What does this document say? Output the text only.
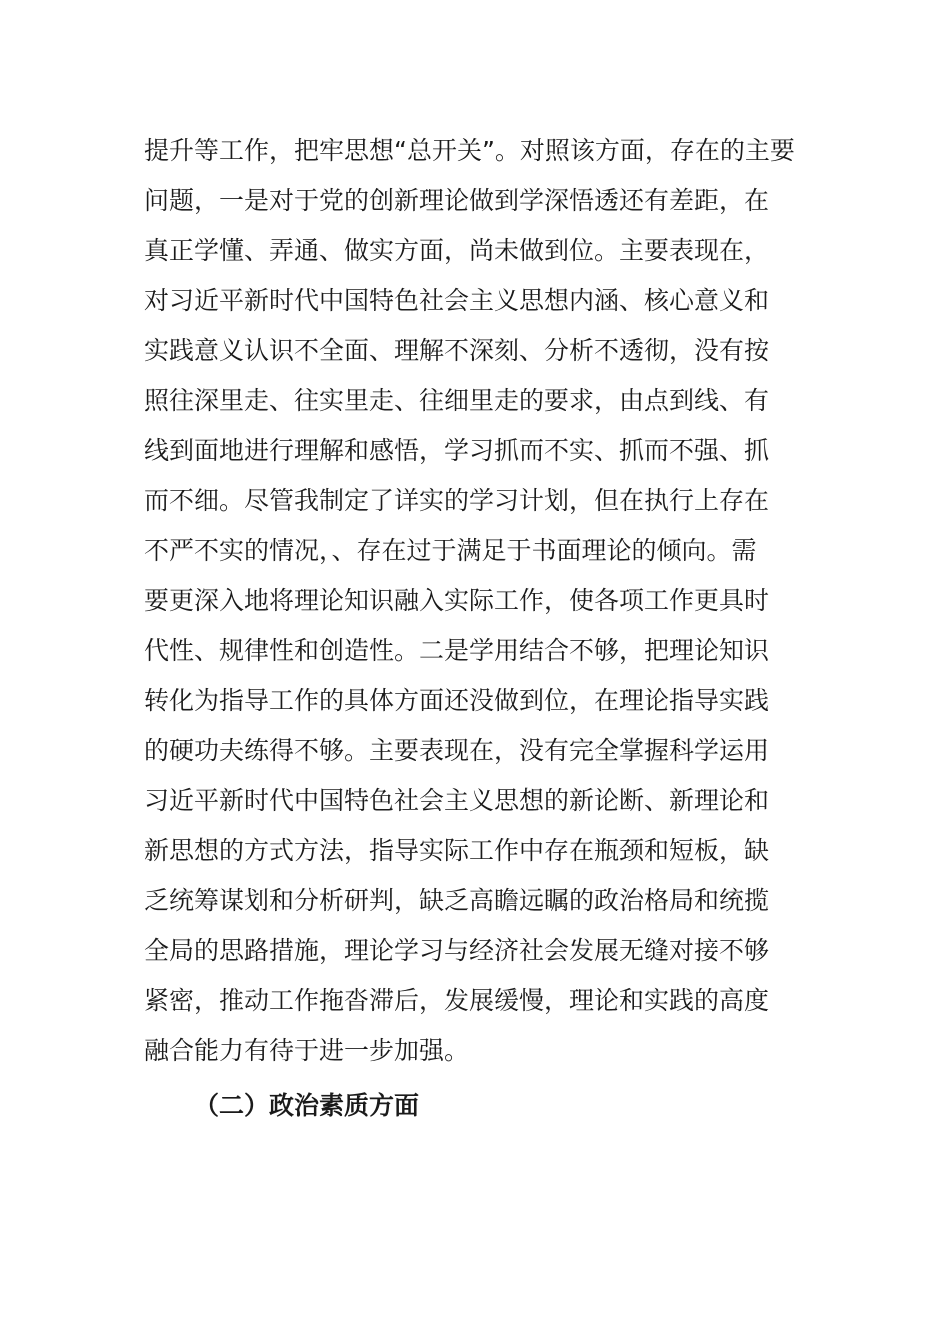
提升等工作，把牢思想“总开关”。对照该方面，存在的主要
问题，一是对于党的创新理论做到学深悟透还有差距，在
真正学懂、弄通、做实方面，尚未做到位。主要表现在，
对习近平新时代中国特色社会主义思想内涵、核心意义和
实践意义认识不全面、理解不深刻、分析不透彻，没有按
照往深里走、往实里走、往细里走的要求，由点到线、有
线到面地进行理解和感悟，学习抓而不实、抓而不强、抓
而不细。尽管我制定了详实的学习计划，但在执行上存在
不严不实的情况，、存在过于满足于书面理论的倾向。需
要更深入地将理论知识融入实际工作，使各项工作更具时
代性、规律性和创造性。二是学用结合不够，把理论知识
转化为指导工作的具体方面还没做到位，在理论指导实践
的硬功夫练得不够。主要表现在，没有完全掌握科学运用
习近平新时代中国特色社会主义思想的新论断、新理论和
新思想的方式方法，指导实际工作中存在瓶颈和短板，缺
乏统筹谋划和分析研判，缺乏高瞻远瞩的政治格局和统揽
全局的思路措施，理论学习与经济社会发展无缝对接不够
紧密，推动工作拖沓滞后，发展缓慢，理论和实践的高度
融合能力有待于进一步加强。
（二）政治素质方面
